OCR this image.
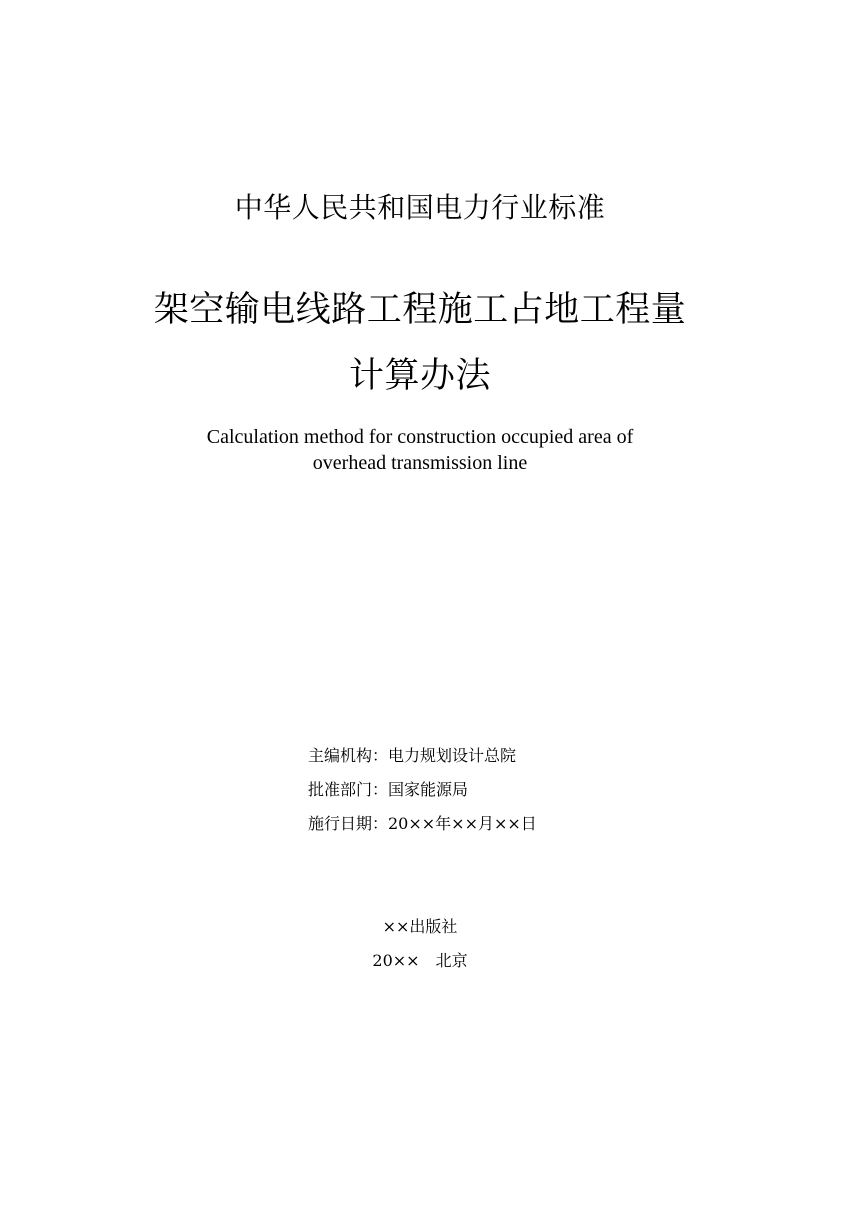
中华人民共和国电力行业标准
架空输电线路工程施工占地工程量
计算办法
Calculation method for construction occupied area of
overhead transmission line
主编机构：电力规划设计总院
批准部门：国家能源局
施行日期：20××年××月××日
××出版社
20××　北京
